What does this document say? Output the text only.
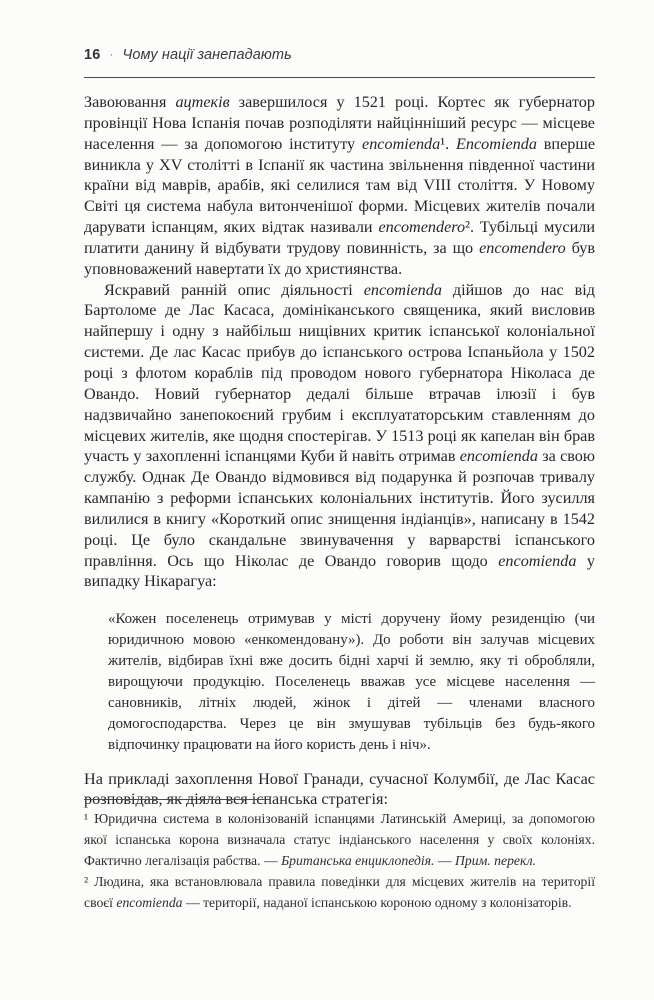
16 · Чому нації занепадають

Завоювання ацтеків завершилося у 1521 році. Кортес як губернатор провінції Нова Іспанія почав розподіляти найцінніший ресурс — місцеве населення — за допомогою інституту encomienda¹. Encomienda вперше виникла у XV столітті в Іспанії як частина звільнення південної частини країни від маврів, арабів, які селилися там від VIII століття. У Новому Світі ця система набула витонченішої форми. Місцевих жителів почали дарувати іспанцям, яких відтак називали encomendero². Тубільці мусили платити данину й відбувати трудову повинність, за що encomendero був уповноважений навертати їх до християнства.

Яскравий ранній опис діяльності encomienda дійшов до нас від Бартоломе де Лас Касаса, домініканського священика, який висловив найпершу і одну з найбільш нищівних критик іспанської колоніальної системи. Де лас Касас прибув до іспанського острова Іспаньйола у 1502 році з флотом кораблів під проводом нового губернатора Ніколаса де Овандо. Новий губернатор дедалі більше втрачав ілюзії і був надзвичайно занепокоєний грубим і експлуататорським ставленням до місцевих жителів, яке щодня спостерігав. У 1513 році як капелан він брав участь у захопленні іспанцями Куби й навіть отримав encomienda за свою службу. Однак Де Овандо відмовився від подарунка й розпочав тривалу кампанію з реформи іспанських колоніальних інститутів. Його зусилля вилилися в книгу «Короткий опис знищення індіанців», написану в 1542 році. Це було скандальне звинувачення у варварстві іспанського правління. Ось що Ніколас де Овандо говорив щодо encomienda у випадку Нікарагуа:

«Кожен поселенець отримував у місті доручену йому резиденцію (чи юридичною мовою «енкомендовану»). До роботи він залучав місцевих жителів, відбирав їхні вже досить бідні харчі й землю, яку ті обробляли, вирощуючи продукцію. Поселенець вважав усе місцеве населення — сановників, літніх людей, жінок і дітей — членами власного домогосподарства. Через це він змушував тубільців без будь-якого відпочинку працювати на його користь день і ніч».

На прикладі захоплення Нової Гранади, сучасної Колумбії, де Лас Касас розповідав, як діяла вся іспанська стратегія:

¹ Юридична система в колонізованій іспанцями Латинській Америці, за допомогою якої іспанська корона визначала статус індіанського населення у своїх колоніях. Фактично легалізація рабства. — Британська енциклопедія. — Прим. перекл.

² Людина, яка встановлювала правила поведінки для місцевих жителів на території своєї encomienda — території, наданої іспанською короною одному з колонізаторів.
